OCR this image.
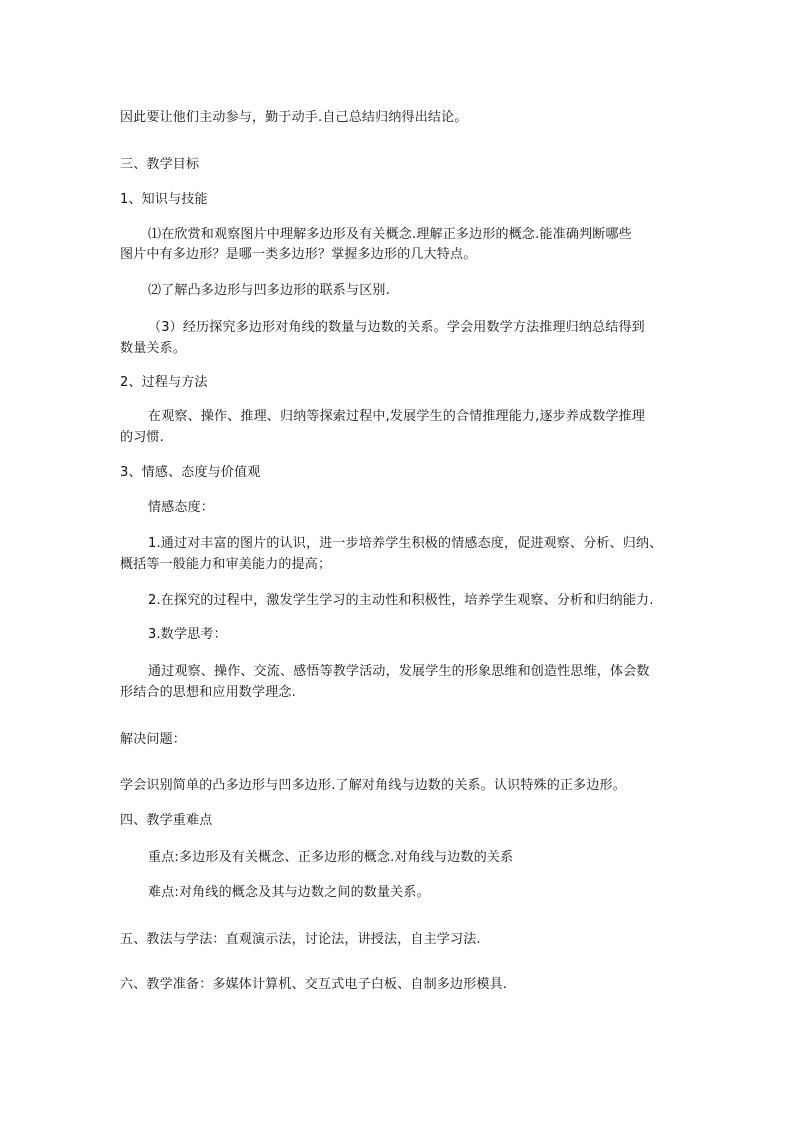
因此要让他们主动参与，勤于动手.自己总结归纳得出结论。
三、教学目标
1、知识与技能
⑴在欣赏和观察图片中理解多边形及有关概念.理解正多边形的概念.能准确判断哪些
图片中有多边形？是哪一类多边形？掌握多边形的几大特点。
⑵了解凸多边形与凹多边形的联系与区别.
（3）经历探究多边形对角线的数量与边数的关系。学会用数学方法推理归纳总结得到
数量关系。
2、过程与方法
在观察、操作、推理、归纳等探索过程中,发展学生的合情推理能力,逐步养成数学推理
的习惯.
3、情感、态度与价值观
情感态度：
1.通过对丰富的图片的认识，进一步培养学生积极的情感态度，促进观察、分析、归纳、
概括等一般能力和审美能力的提高；
2.在探究的过程中，激发学生学习的主动性和积极性，培养学生观察、分析和归纳能力.
3.数学思考：
通过观察、操作、交流、感悟等教学活动，发展学生的形象思维和创造性思维，体会数
形结合的思想和应用数学理念.
解决问题：
学会识别简单的凸多边形与凹多边形.了解对角线与边数的关系。认识特殊的正多边形。
四、教学重难点
重点:多边形及有关概念、正多边形的概念.对角线与边数的关系
难点:对角线的概念及其与边数之间的数量关系。
五、教法与学法：直观演示法，讨论法，讲授法，自主学习法.
六、教学准备：多媒体计算机、交互式电子白板、自制多边形模具.
